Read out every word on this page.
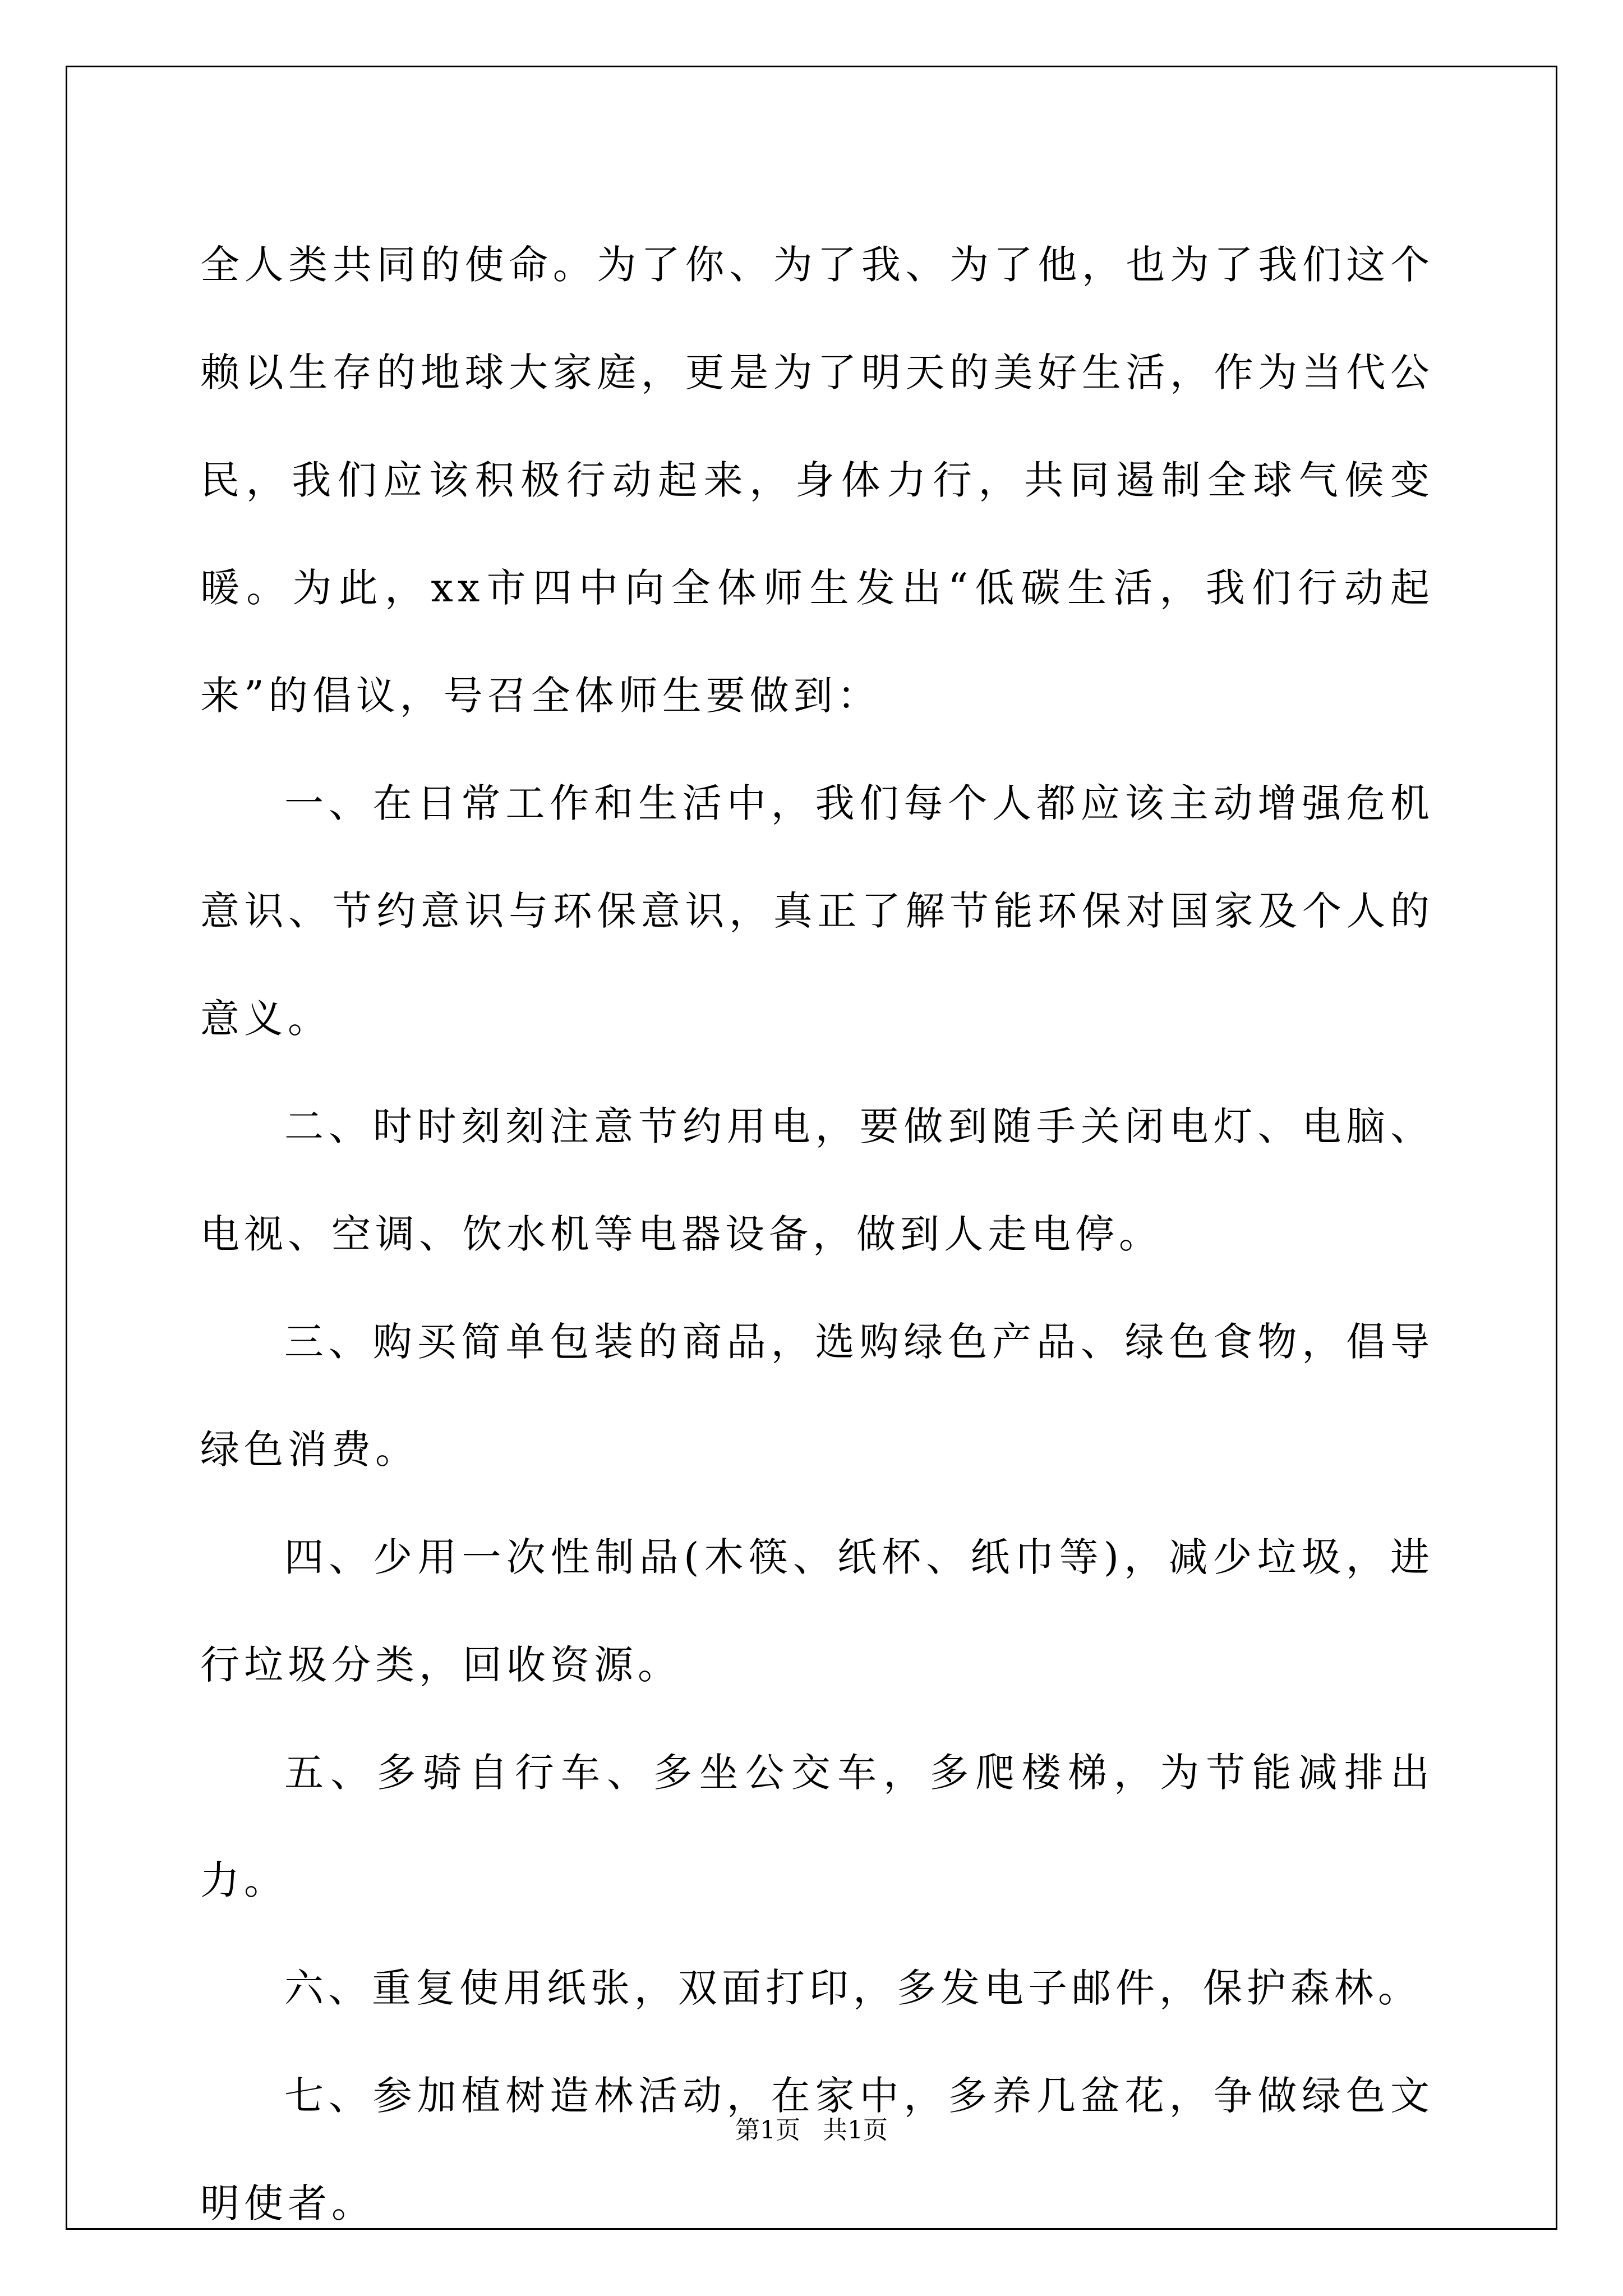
全人类共同的使命。为了你、为了我、为了他，也为了我们这个赖以生存的地球大家庭，更是为了明天的美好生活，作为当代公民，我们应该积极行动起来，身体力行，共同遏制全球气候变暖。为此，xx市四中向全体师生发出“低碳生活，我们行动起来”的倡议，号召全体师生要做到：

一、在日常工作和生活中，我们每个人都应该主动增强危机意识、节约意识与环保意识，真正了解节能环保对国家及个人的意义。

二、时时刻刻注意节约用电，要做到随手关闭电灯、电脑、电视、空调、饮水机等电器设备，做到人走电停。

三、购买简单包装的商品，选购绿色产品、绿色食物，倡导绿色消费。

四、少用一次性制品(木筷、纸杯、纸巾等)，减少垃圾，进行垃圾分类，回收资源。

五、多骑自行车、多坐公交车，多爬楼梯，为节能减排出力。

六、重复使用纸张，双面打印，多发电子邮件，保护森林。

七、参加植树造林活动，在家中，多养几盆花，争做绿色文明使者。

第1页 共1页
